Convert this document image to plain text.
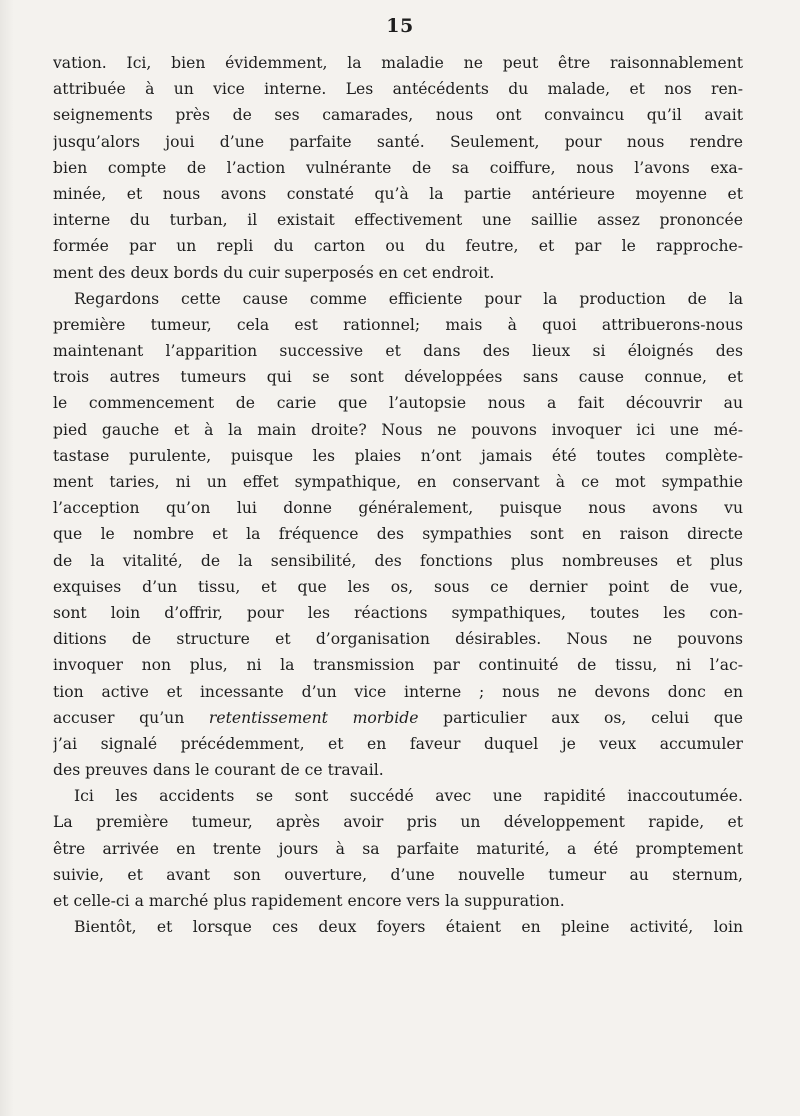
15
vation. Ici, bien évidemment, la maladie ne peut être raisonnablement
attribuée à un vice interne. Les antécédents du malade, et nos ren-
seignements près de ses camarades, nous ont convaincu qu’il avait
jusqu’alors joui d’une parfaite santé. Seulement, pour nous rendre
bien compte de l’action vulnérante de sa coiffure, nous l’avons exa-
minée, et nous avons constaté qu’à la partie antérieure moyenne et
interne du turban, il existait effectivement une saillie assez prononcée
formée par un repli du carton ou du feutre, et par le rapproche-
ment des deux bords du cuir superposés en cet endroit.
Regardons cette cause comme efficiente pour la production de la
première tumeur, cela est rationnel; mais à quoi attribuerons-nous
maintenant l’apparition successive et dans des lieux si éloignés des
trois autres tumeurs qui se sont développées sans cause connue, et
le commencement de carie que l’autopsie nous a fait découvrir au
pied gauche et à la main droite? Nous ne pouvons invoquer ici une mé-
tastase purulente, puisque les plaies n’ont jamais été toutes complète-
ment taries, ni un effet sympathique, en conservant à ce mot sympathie
l’acception qu’on lui donne généralement, puisque nous avons vu
que le nombre et la fréquence des sympathies sont en raison directe
de la vitalité, de la sensibilité, des fonctions plus nombreuses et plus
exquises d’un tissu, et que les os, sous ce dernier point de vue,
sont loin d’offrir, pour les réactions sympathiques, toutes les con-
ditions de structure et d’organisation désirables. Nous ne pouvons
invoquer non plus, ni la transmission par continuité de tissu, ni l’ac-
tion active et incessante d’un vice interne ; nous ne devons donc en
accuser qu’un retentissement morbide particulier aux os, celui que
j’ai signalé précédemment, et en faveur duquel je veux accumuler
des preuves dans le courant de ce travail.
Ici les accidents se sont succédé avec une rapidité inaccoutumée.
La première tumeur, après avoir pris un développement rapide, et
être arrivée en trente jours à sa parfaite maturité, a été promptement
suivie, et avant son ouverture, d’une nouvelle tumeur au sternum,
et celle-ci a marché plus rapidement encore vers la suppuration.
Bientôt, et lorsque ces deux foyers étaient en pleine activité, loin
